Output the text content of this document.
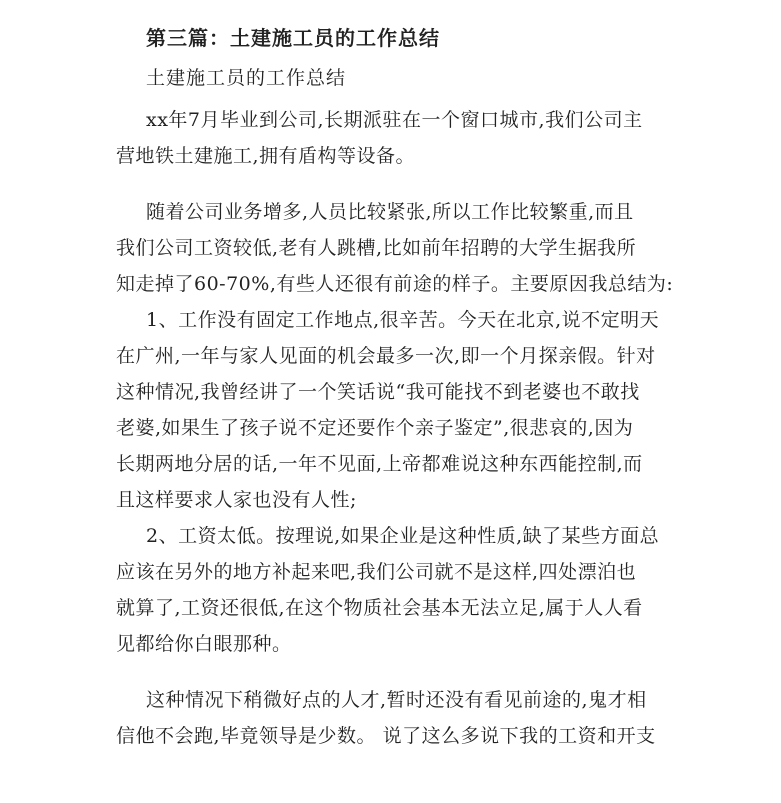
第三篇：土建施工员的工作总结
土建施工员的工作总结
xx年7月毕业到公司,长期派驻在一个窗口城市,我们公司主
营地铁土建施工,拥有盾构等设备。
随着公司业务增多,人员比较紧张,所以工作比较繁重,而且
我们公司工资较低,老有人跳槽,比如前年招聘的大学生据我所
知走掉了60-70%,有些人还很有前途的样子。主要原因我总结为:
1、工作没有固定工作地点,很辛苦。今天在北京,说不定明天
在广州,一年与家人见面的机会最多一次,即一个月探亲假。针对
这种情况,我曾经讲了一个笑话说“我可能找不到老婆也不敢找
老婆,如果生了孩子说不定还要作个亲子鉴定”,很悲哀的,因为
长期两地分居的话,一年不见面,上帝都难说这种东西能控制,而
且这样要求人家也没有人性;
2、工资太低。按理说,如果企业是这种性质,缺了某些方面总
应该在另外的地方补起来吧,我们公司就不是这样,四处漂泊也
就算了,工资还很低,在这个物质社会基本无法立足,属于人人看
见都给你白眼那种。
这种情况下稍微好点的人才,暂时还没有看见前途的,鬼才相
信他不会跑,毕竟领导是少数。 说了这么多说下我的工资和开支
